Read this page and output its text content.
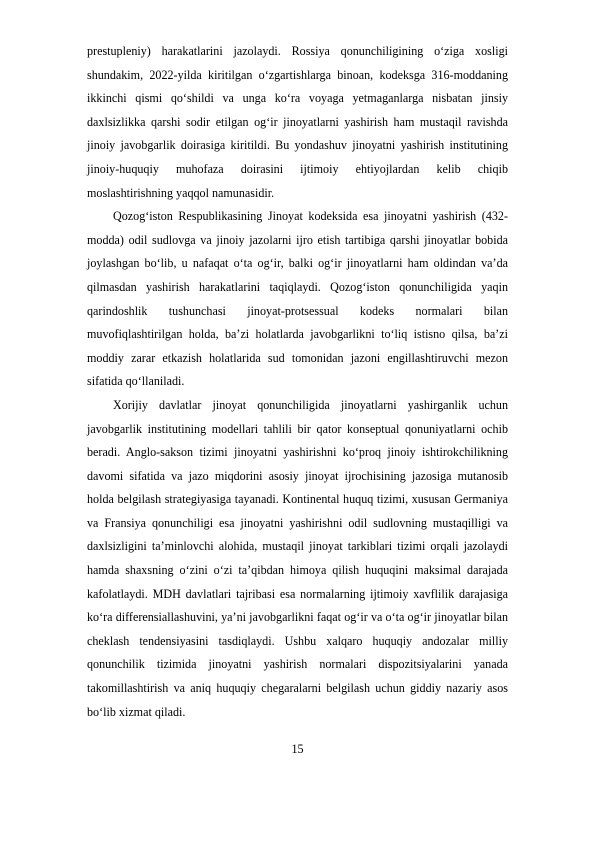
prestupleniy) harakatlarini jazolaydi. Rossiya qonunchiligining o‘ziga xosligi shundakim, 2022-yilda kiritilgan o‘zgartishlarga binoan, kodeksga 316-moddaning ikkinchi qismi qo‘shildi va unga ko‘ra voyaga yetmaganlarga nisbatan jinsiy daxlsizlikka qarshi sodir etilgan og‘ir jinoyatlarni yashirish ham mustaqil ravishda jinoiy javobgarlik doirasiga kiritildi. Bu yondashuv jinoyatni yashirish institutining jinoiy-huquqiy muhofaza doirasini ijtimoiy ehtiyojlardan kelib chiqib moslashtirishning yaqqol namunasidir.

Qozog‘iston Respublikasining Jinoyat kodeksida esa jinoyatni yashirish (432-modda) odil sudlovga va jinoiy jazolarni ijro etish tartibiga qarshi jinoyatlar bobida joylashgan bo‘lib, u nafaqat o‘ta og‘ir, balki og‘ir jinoyatlarni ham oldindan va’da qilmasdan yashirish harakatlarini taqiqlaydi. Qozog‘iston qonunchiligida yaqin qarindoshlik tushunchasi jinoyat-protsessual kodeks normalari bilan muvofiqlashtirilgan holda, ba’zi holatlarda javobgarlikni to‘liq istisno qilsa, ba’zi moddiy zarar etkazish holatlarida sud tomonidan jazoni engillashtiruvchi mezon sifatida qo‘llaniladi.

Xorijiy davlatlar jinoyat qonunchiligida jinoyatlarni yashirganlik uchun javobgarlik institutining modellari tahlili bir qator konseptual qonuniyatlarni ochib beradi. Anglo-sakson tizimi jinoyatni yashirishni ko‘proq jinoiy ishtirokchilikning davomi sifatida va jazo miqdorini asosiy jinoyat ijrochisining jazosiga mutanosib holda belgilash strategiyasiga tayanadi. Kontinental huquq tizimi, xususan Germaniya va Fransiya qonunchiligi esa jinoyatni yashirishni odil sudlovning mustaqilligi va daxlsizligini ta’minlovchi alohida, mustaqil jinoyat tarkiblari tizimi orqali jazolaydi hamda shaxsning o‘zini o‘zi ta’qibdan himoya qilish huquqini maksimal darajada kafolatlaydi. MDH davlatlari tajribasi esa normalarning ijtimoiy xavflilik darajasiga ko‘ra differensiallashuvini, ya’ni javobgarlikni faqat og‘ir va o‘ta og‘ir jinoyatlar bilan cheklash tendensiyasini tasdiqlaydi. Ushbu xalqaro huquqiy andozalar milliy qonunchilik tizimida jinoyatni yashirish normalari dispozitsiyalarini yanada takomillashtirish va aniq huquqiy chegaralarni belgilash uchun giddiy nazariy asos bo‘lib xizmat qiladi.

15
